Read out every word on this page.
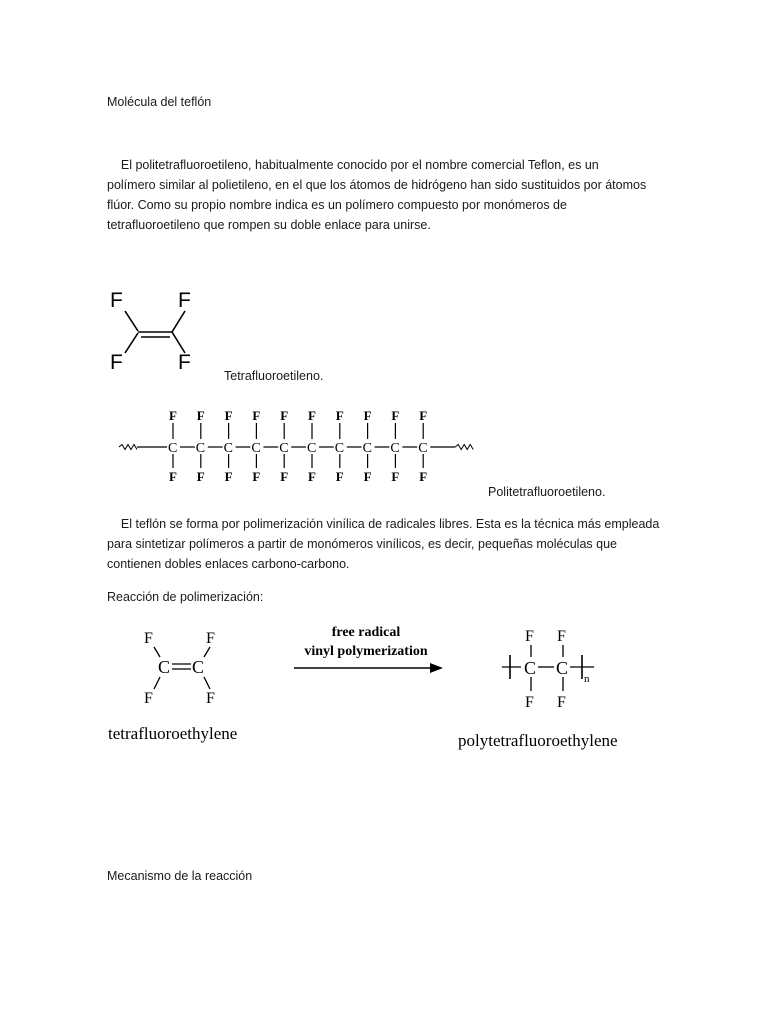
Molécula del teflón
El politetrafluoroetileno, habitualmente conocido por el nombre comercial Teflon, es un
polímero similar al polietileno, en el que los átomos de hidrógeno han sido sustituidos por átomos
flúor. Como su propio nombre indica es un polímero compuesto por monómeros de
tetrafluoroetileno que rompen su doble enlace para unirse.
F	F
F	F
Tetrafluoroetileno.
C
F
F
C
F
F
C
F
F
C
F
F
C
F
F
C
F
F
C
F
F
C
F
F
C
F
F
C
F
F
Politetrafluoroetileno.
El teflón se forma por polimerización vinílica de radicales libres. Esta es la técnica más empleada
para sintetizar polímeros a partir de monómeros vinílicos, es decir, pequeñas moléculas que
contienen dobles enlaces carbono-carbono.
Reacción de polimerización:
F	F
F	F
C C
tetrafluoroethylene
free radical
vinyl polymerization
F F
F F
C C
n
polytetrafluoroethylene
Mecanismo de la reacción
